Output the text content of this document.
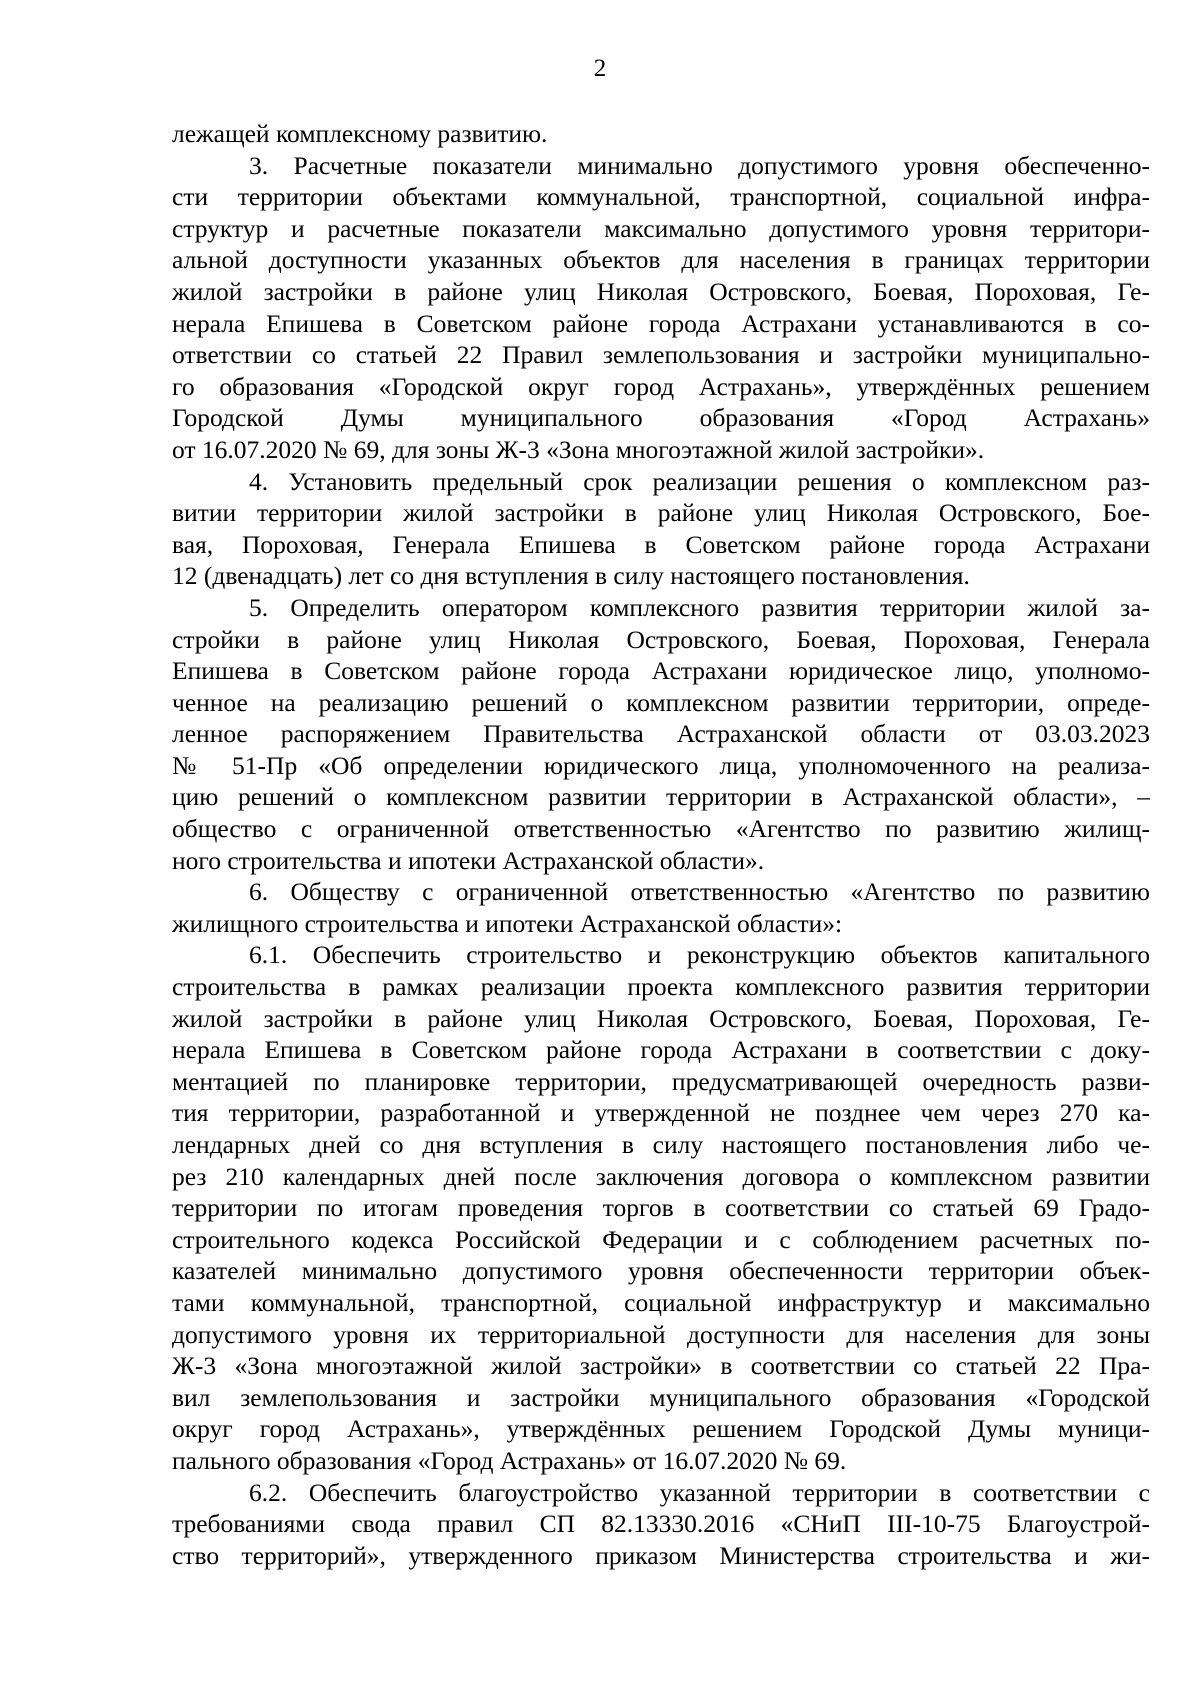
2
лежащей комплексному развитию.
3. Расчетные показатели минимально допустимого уровня обеспеченно-
сти территории объектами коммунальной, транспортной, социальной инфра-
структур и расчетные показатели максимально допустимого уровня территори-
альной доступности указанных объектов для населения в границах территории
жилой застройки в районе улиц Николая Островского, Боевая, Пороховая, Ге-
нерала Епишева в Советском районе города Астрахани устанавливаются в со-
ответствии со статьей 22 Правил землепользования и застройки муниципально-
го образования «Городской округ город Астрахань», утверждённых решением
Городской Думы муниципального образования «Город Астрахань»
от 16.07.2020 № 69, для зоны Ж-3 «Зона многоэтажной жилой застройки».
4. Установить предельный срок реализации решения о комплексном раз-
витии территории жилой застройки в районе улиц Николая Островского, Бое-
вая, Пороховая, Генерала Епишева в Советском районе города Астрахани
12 (двенадцать) лет со дня вступления в силу настоящего постановления.
5. Определить оператором комплексного развития территории жилой за-
стройки в районе улиц Николая Островского, Боевая, Пороховая, Генерала
Епишева в Советском районе города Астрахани юридическое лицо, уполномо-
ченное на реализацию решений о комплексном развитии территории, опреде-
ленное распоряжением Правительства Астраханской области от 03.03.2023
№ 51-Пр «Об определении юридического лица, уполномоченного на реализа-
цию решений о комплексном развитии территории в Астраханской области», –
общество с ограниченной ответственностью «Агентство по развитию жилищ-
ного строительства и ипотеки Астраханской области».
6. Обществу с ограниченной ответственностью «Агентство по развитию
жилищного строительства и ипотеки Астраханской области»:
6.1. Обеспечить строительство и реконструкцию объектов капитального
строительства в рамках реализации проекта комплексного развития территории
жилой застройки в районе улиц Николая Островского, Боевая, Пороховая, Ге-
нерала Епишева в Советском районе города Астрахани в соответствии с доку-
ментацией по планировке территории, предусматривающей очередность разви-
тия территории, разработанной и утвержденной не позднее чем через 270 ка-
лендарных дней со дня вступления в силу настоящего постановления либо че-
рез 210 календарных дней после заключения договора о комплексном развитии
территории по итогам проведения торгов в соответствии со статьей 69 Градо-
строительного кодекса Российской Федерации и с соблюдением расчетных по-
казателей минимально допустимого уровня обеспеченности территории объек-
тами коммунальной, транспортной, социальной инфраструктур и максимально
допустимого уровня их территориальной доступности для населения для зоны
Ж-3 «Зона многоэтажной жилой застройки» в соответствии со статьей 22 Пра-
вил землепользования и застройки муниципального образования «Городской
округ город Астрахань», утверждённых решением Городской Думы муници-
пального образования «Город Астрахань» от 16.07.2020 № 69.
6.2. Обеспечить благоустройство указанной территории в соответствии с
требованиями свода правил СП 82.13330.2016 «СНиП III-10-75 Благоустрой-
ство территорий», утвержденного приказом Министерства строительства и жи-
